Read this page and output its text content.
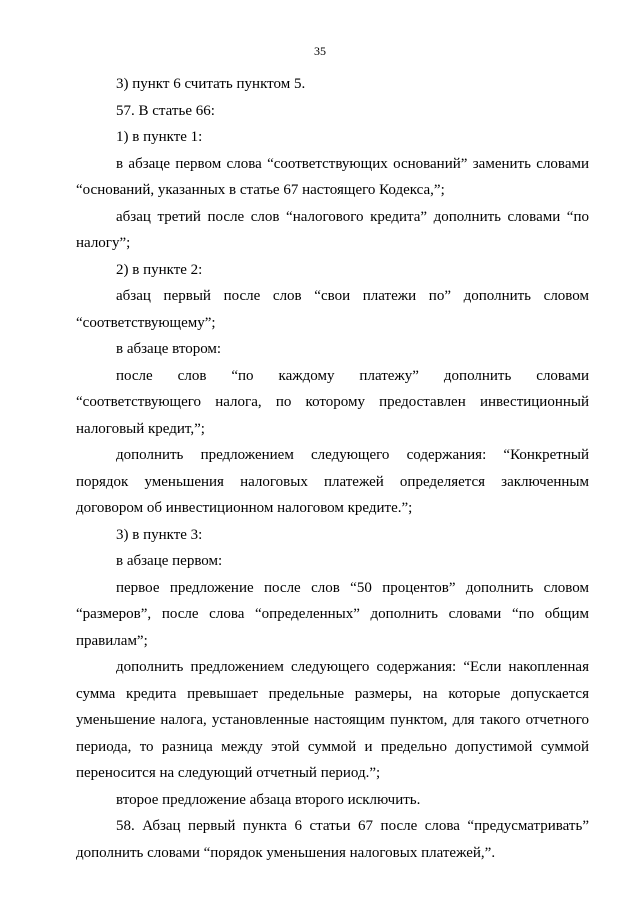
35

3) пункт 6 считать пунктом 5.

57. В статье 66:

1) в пункте 1:

в абзаце первом слова “соответствующих оснований” заменить словами “оснований, указанных в статье 67 настоящего Кодекса,”;

абзац третий после слов “налогового кредита” дополнить словами “по налогу”;

2) в пункте 2:

абзац первый после слов “свои платежи по” дополнить словом “соответствующему”;

в абзаце втором:

после слов “по каждому платежу” дополнить словами “соответствующего налога, по которому предоставлен инвестиционный налоговый кредит,”;

дополнить предложением следующего содержания: “Конкретный порядок уменьшения налоговых платежей определяется заключенным договором об инвестиционном налоговом кредите.”;

3) в пункте 3:

в абзаце первом:

первое предложение после слов “50 процентов” дополнить словом “размеров”, после слова “определенных” дополнить словами “по общим правилам”;

дополнить предложением следующего содержания: “Если накопленная сумма кредита превышает предельные размеры, на которые допускается уменьшение налога, установленные настоящим пунктом, для такого отчетного периода, то разница между этой суммой и предельно допустимой суммой переносится на следующий отчетный период.”;

второе предложение абзаца второго исключить.

58. Абзац первый пункта 6 статьи 67 после слова “предусматривать” дополнить словами “порядок уменьшения налоговых платежей,”.
